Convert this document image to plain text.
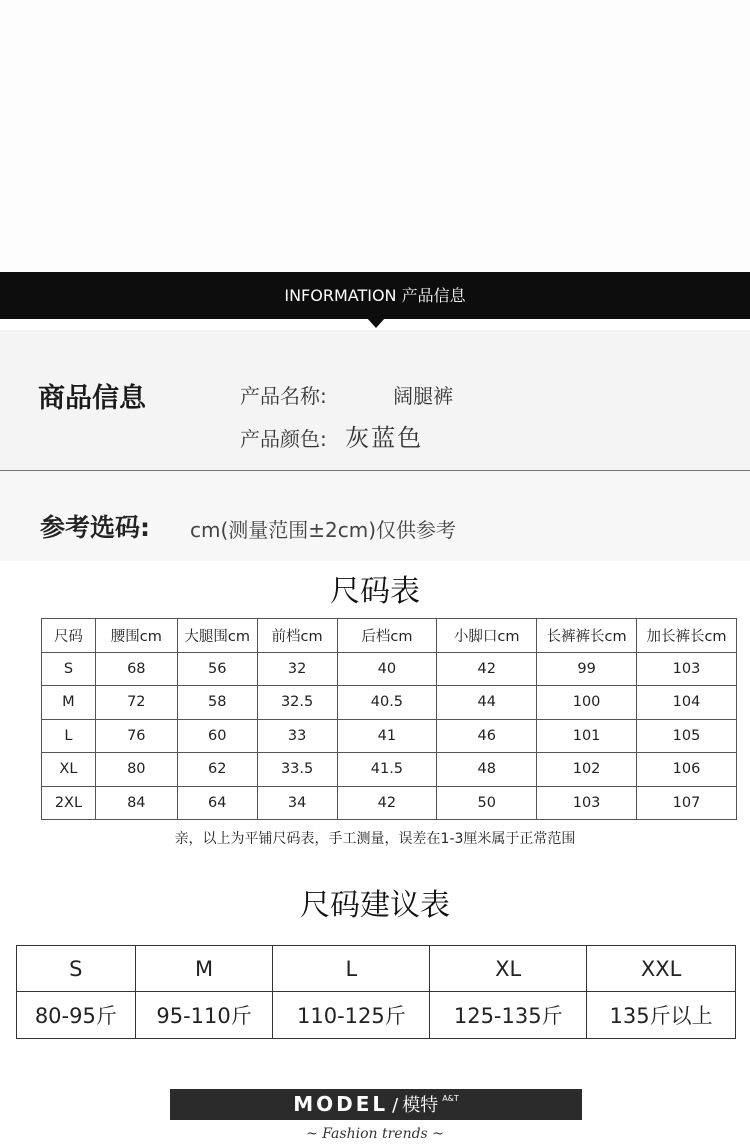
INFORMATION 产品信息
商品信息	产品名称:	阔腿裤
产品颜色: 灰蓝色
参考选码: cm(测量范围±2cm)仅供参考
尺码表
尺码	腰围cm	大腿围cm	前档cm	后档cm	小脚口cm	长裤裤长cm	加长裤长cm
S	68	56	32	40	42	99	103
M	72	58	32.5	40.5	44	100	104
L	76	60	33	41	46	101	105
XL	80	62	33.5	41.5	48	102	106
2XL	84	64	34	42	50	103	107
亲，以上为平铺尺码表，手工测量，误差在1-3厘米属于正常范围
尺码建议表
S	M	L	XL	XXL
80-95斤	95-110斤	110-125斤	125-135斤	135斤以上
MODEL / 模特 $^{A\&T}$
~ Fashion trends ~
